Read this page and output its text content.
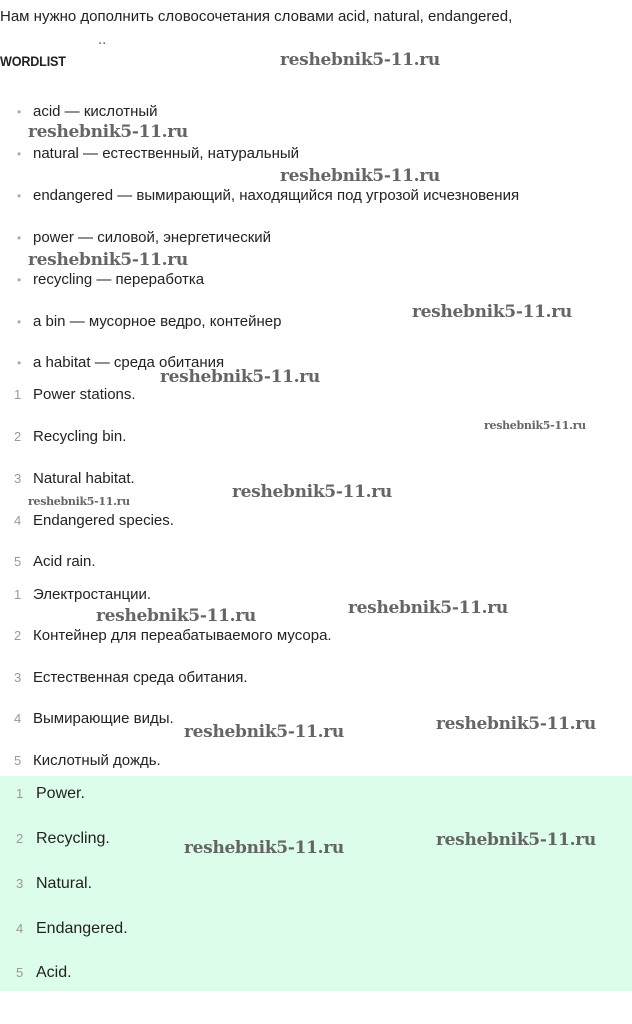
Нам нужно дополнить словосочетания словами acid, natural, endangered,
..
WORDLIST
• acid — кислотный
• natural — естественный, натуральный
• endangered — вымирающий, находящийся под угрозой исчезновения
• power — силовой, энергетический
• recycling — переработка
• a bin — мусорное ведро, контейнер
• a habitat — среда обитания
1 Power stations.
2 Recycling bin.
3 Natural habitat.
4 Endangered species.
5 Acid rain.
1 Электростанции.
2 Контейнер для переабатываемого мусора.
3 Естественная среда обитания.
4 Вымирающие виды.
5 Кислотный дождь.
1 Power.
2 Recycling.
3 Natural.
4 Endangered.
5 Acid.
reshebnik5-11.ru
reshebnik5-11.ru
reshebnik5-11.ru
reshebnik5-11.ru
reshebnik5-11.ru
reshebnik5-11.ru
reshebnik5-11.ru
reshebnik5-11.ru
reshebnik5-11.ru
reshebnik5-11.ru	reshebnik5-11.ru
reshebnik5-11.ru	reshebnik5-11.ru
reshebnik5-11.ru	reshebnik5-11.ru
